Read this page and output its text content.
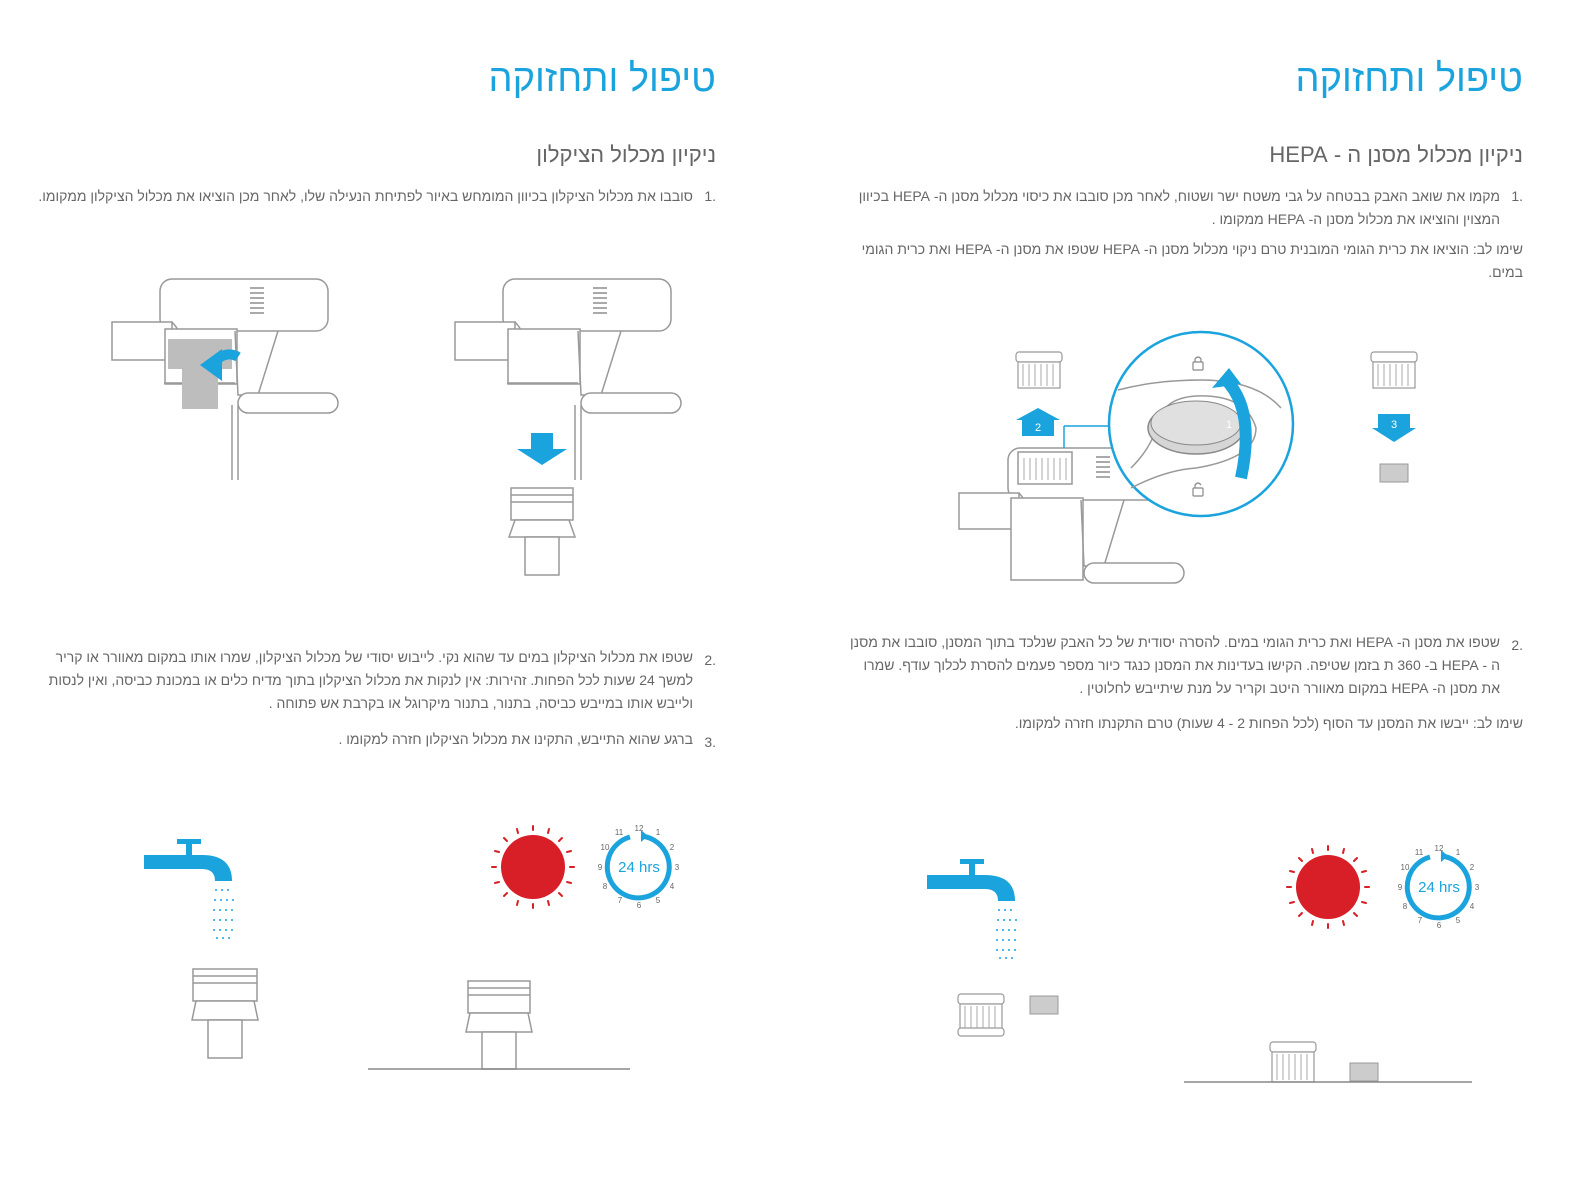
טיפול ותחזוקה
ניקיון מכלול הציקלון
1.

סובבו את מכלול הציקלון בכיוון המומחש באיור לפתיחת הנעילה שלו, לאחר מכן הוציאו את מכלול הציקלון ממקומו.

2.

שטפו את מכלול הציקלון במים עד שהוא נקי. לייבוש יסודי של מכלול הציקלון, שמרו אותו במקום מאוורר או קריר למשך 24 שעות לכל הפחות. זהירות: אין לנקות את מכלול הציקלון בתוך מדיח כלים או במכונת כביסה, ואין לנסות ולייבש אותו במייבש כביסה, בתנור, בתנור מיקרוגל או בקרבת אש פתוחה .

3.

ברגע שהוא התייבש, התקינו את מכלול הציקלון חזרה למקומו .

24 hrs
12 1
2
3
4
5
6
7
8
9
10
11
טיפול ותחזוקה
ניקיון מכלול מסנן ה - HEPA
1.

מקמו את שואב האבק בבטחה על גבי משטח ישר ושטוח, לאחר מכן סובבו את כיסוי מכלול מסנן ה- HEPA בכיוון המצוין והוציאו את מכלול מסנן ה- HEPA ממקומו .

שימו לב: הוציאו את כרית הגומי המובנית טרם ניקוי מכלול מסנן ה- HEPA שטפו את מסנן ה- HEPA ואת כרית הגומי במים.

1
2	3
2.

שטפו את מסנן ה- HEPA ואת כרית הגומי במים. להסרה יסודית של כל האבק שנלכד בתוך המסנן, סובבו את מסנן ה - HEPA ב- 360 ת בזמן שטיפה. הקישו בעדינות את המסנן כנגד כיור מספר פעמים להסרת לכלוך עודף. שמרו את מסנן ה- HEPA במקום מאוורר היטב וקריר על מנת שיתייבש לחלוטין .

שימו לב: ייבשו את המסנן עד הסוף (לכל הפחות 2 - 4 שעות) טרם התקנתו חזרה למקומו.

24 hrs
12 1
2
3
4
5
6
7
8
9
10
11
